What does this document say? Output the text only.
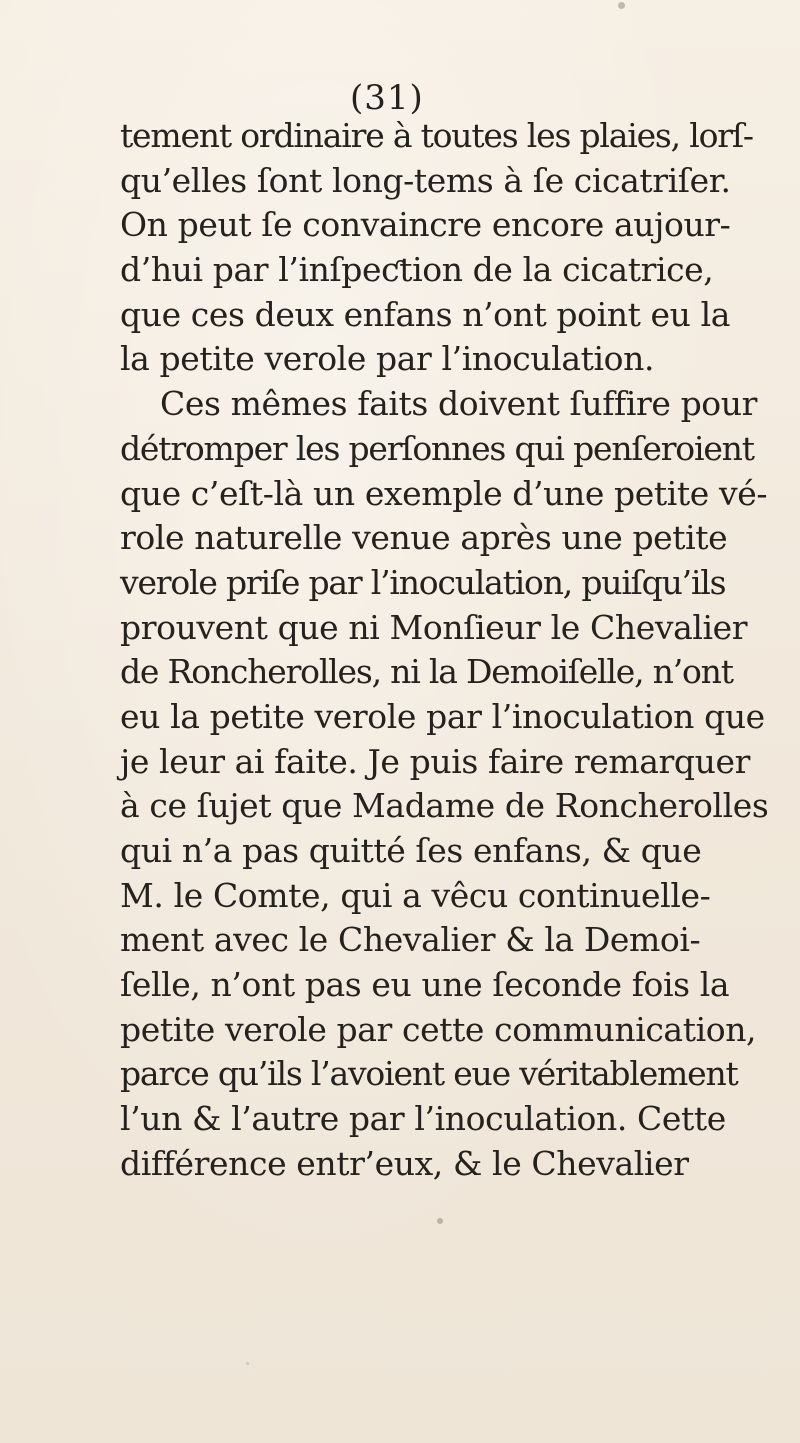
(31)
tement ordinaire à toutes les plaies, lorſ-
qu’elles ſont long-tems à ſe cicatriſer.
On peut ſe convaincre encore aujour-
d’hui par l’inſpeƈtion de la cicatrice,
que ces deux enfans n’ont point eu la
la petite verole par l’inoculation.
Ces mêmes faits doivent ſuffire pour
détromper les perſonnes qui penſeroient
que c’eſt-là un exemple d’une petite vé-
role naturelle venue après une petite
verole priſe par l’inoculation, puiſqu’ils
prouvent que ni Monſieur le Chevalier
de Roncherolles, ni la Demoiſelle, n’ont
eu la petite verole par l’inoculation que
je leur ai faite. Je puis faire remarquer
à ce ſujet que Madame de Roncherolles
qui n’a pas quitté ſes enfans, & que
M. le Comte, qui a vêcu continuelle-
ment avec le Chevalier & la Demoi-
ſelle, n’ont pas eu une ſeconde fois la
petite verole par cette communication,
parce qu’ils l’avoient eue véritablement
l’un & l’autre par l’inoculation. Cette
différence entr’eux, & le Chevalier
